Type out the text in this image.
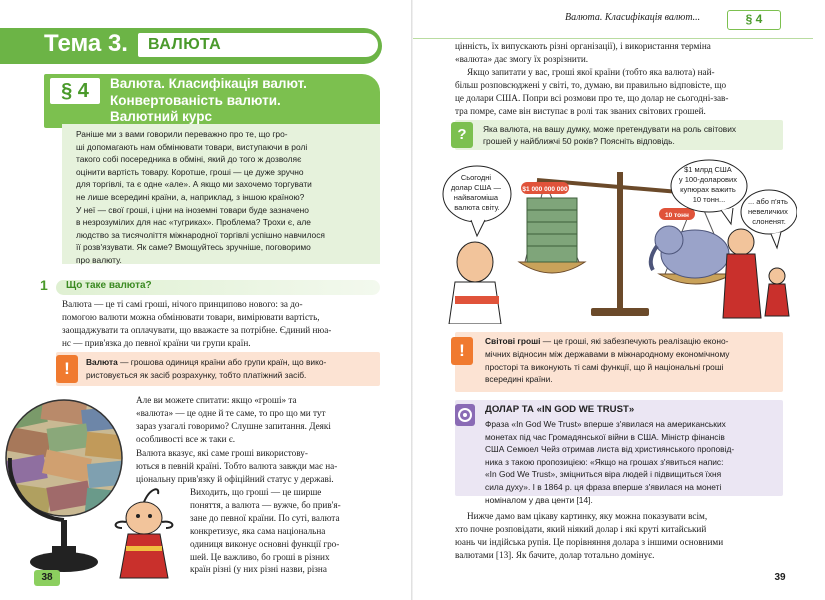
Тема 3. ВАЛЮТА
§ 4	Валюта. Класифікація валют.
Конвертованість валюти.
Валютний курс
Раніше ми з вами говорили переважно про те, що гро-
ші допомагають нам обмінювати товари, виступаючи в ролі
такого собі посередника в обміні, який до того ж дозволяє
оцінити вартість товару. Коротше, гроші — це дуже зручно
для торгівлі, та є одне «але». А якщо ми захочемо торгувати
не лише всередині країни, а, наприклад, з іншою країною?
У неї — свої гроші, і ціни на іноземні товари буде зазначено
в незрозумілих для нас «тугриках». Проблема? Трохи є, але
людство за тисячоліття міжнародної торгівлі успішно навчилося
її розв'язувати. Як саме? Вмощуйтесь зручніше, поговоримо
про валюту.
1	Що таке валюта?
Валюта — це ті самі гроші, нічого принципово нового: за до-
помогою валюти можна обмінювати товари, вимірювати вартість,
заощаджувати та оплачувати, що вважаєте за потрібне. Єдиний нюа-
нс — прив'язка до певної країни чи групи країн.
!	Валюта — грошова одиниця країни або групи країн, що вико-
ристовується як засіб розрахунку, тобто платіжний засіб.
Але ви можете спитати: якщо «гроші» та
«валюта» — це одне й те саме, то про що ми тут
зараз узагалі говоримо? Слушне запитання. Деякі
особливості все ж таки є.
Валюта вказує, які саме гроші використову-
ються в певній країні. Тобто валюта завжди має на-
ціональну прив'язку й офіційний статус у державі.
Виходить, що гроші — це ширше
поняття, а валюта — вужче, бо прив'я-
зане до певної країни. По суті, валюта
конкретизує, яка сама національна
одиниця виконує основні функції гро-
шей. Це важливо, бо гроші в різних
країн різні (у них різні назви, різна
38
Валюта. Класифікація валют...	§ 4
цінність, їх випускають різні організації), і використання терміна
«валюта» дає змогу їх розрізнити.
Якщо запитати у вас, гроші якої країни (тобто яка валюта) най-
більш розповсюджені у світі, то, думаю, ви правильно відповісте, що
це долари США. Попри всі розмови про те, що долар не сьогодні-зав-
тра помре, саме він виступає в ролі так званих світових грошей.
?	Яка валюта, на вашу думку, може претендувати на роль світових
грошей у найближчі 50 років? Поясніть відповідь.
$1 000 000 000
10 тонн
Сьогодні долар США — найвагоміша валюта світу.
$1 млрд США у 100-доларових купюрах важить 10 тонн...	... або п'ять невеличких слоненят.
!	Світові гроші — це гроші, які забезпечують реалізацію еконо-
мічних відносин між державами в міжнародному економічному
просторі та виконують ті самі функції, що й національні гроші
всередині країни.
ДОЛАР ТА «IN GOD WE TRUST»
Фраза «In God We Trust» вперше з'явилася на американських
монетах під час Громадянської війни в США. Міністр фінансів
США Семюел Чейз отримав листа від християнського проповід-
ника з такою пропозицією: «Якщо на грошах з'явиться напис:
«In God We Trust», зміцниться віра людей і підвищиться їхня
сила духу». І в 1864 р. ця фраза вперше з'явилася на монеті
номіналом у два центи [14].
Нижче дамо вам цікаву картинку, яку можна показувати всім,
хто почне розповідати, який ніякий долар і які круті китайський
юань чи індійська рупія. Це порівняння долара з іншими основними
валютами [13]. Як бачите, долар тотально домінує.
39
